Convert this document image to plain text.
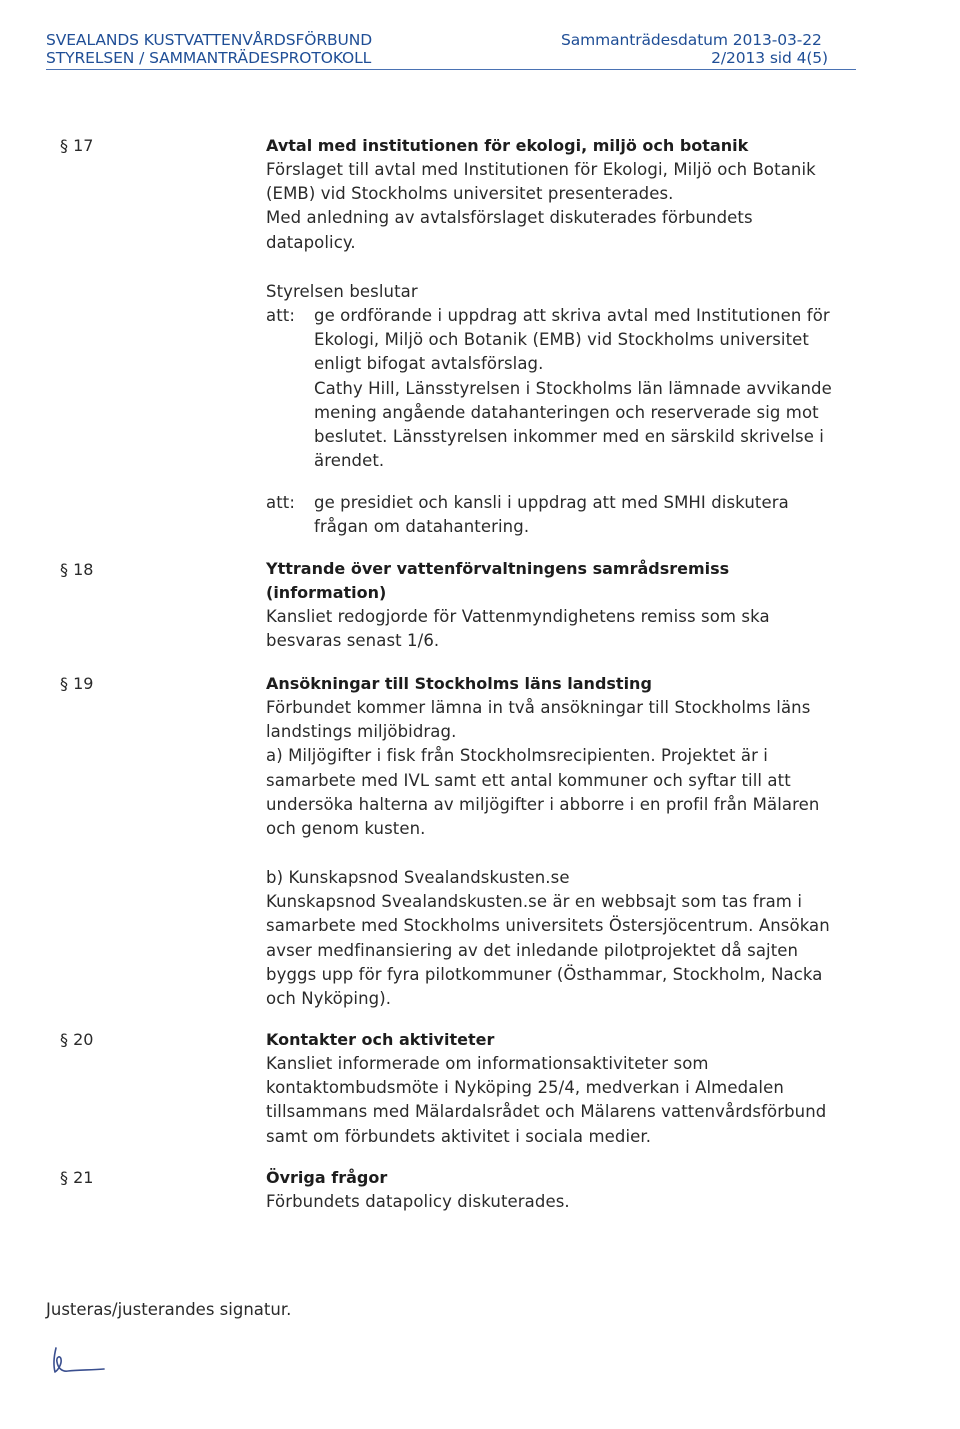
SVEALANDS KUSTVATTENVÅRDSFÖRBUND
STYRELSEN / SAMMANTRÄDESPROTOKOLL
Sammanträdesdatum 2013-03-22
2/2013 sid 4(5)
§ 17	Avtal med institutionen för ekologi, miljö och botanik

Förslaget till avtal med Institutionen för Ekologi, Miljö och Botanik

(EMB) vid Stockholms universitet presenterades.

Med anledning av avtalsförslaget diskuterades förbundets

datapolicy.

Styrelsen beslutar
att: ge ordförande i uppdrag att skriva avtal med Institutionen för

Ekologi, Miljö och Botanik (EMB) vid Stockholms universitet

enligt bifogat avtalsförslag.

Cathy Hill, Länsstyrelsen i Stockholms län lämnade avvikande

mening angående datahanteringen och reserverade sig mot

beslutet. Länsstyrelsen inkommer med en särskild skrivelse i

ärendet.

att: ge presidiet och kansli i uppdrag att med SMHI diskutera

frågan om datahantering.

§ 18	Yttrande över vattenförvaltningens samrådsremiss
(information)

Kansliet redogjorde för Vattenmyndighetens remiss som ska

besvaras senast 1/6.

§ 19	Ansökningar till Stockholms läns landsting

Förbundet kommer lämna in två ansökningar till Stockholms läns

landstings miljöbidrag.

a) Miljögifter i fisk från Stockholmsrecipienten. Projektet är i

samarbete med IVL samt ett antal kommuner och syftar till att

undersöka halterna av miljögifter i abborre i en profil från Mälaren

och genom kusten.

b) Kunskapsnod Svealandskusten.se

Kunskapsnod Svealandskusten.se är en webbsajt som tas fram i

samarbete med Stockholms universitets Östersjöcentrum. Ansökan

avser medfinansiering av det inledande pilotprojektet då sajten

byggs upp för fyra pilotkommuner (Östhammar, Stockholm, Nacka

och Nyköping).

§ 20	Kontakter och aktiviteter

Kansliet informerade om informationsaktiviteter som

kontaktombudsmöte i Nyköping 25/4, medverkan i Almedalen

tillsammans med Mälardalsrådet och Mälarens vattenvårdsförbund

samt om förbundets aktivitet i sociala medier.

§ 21	Övriga frågor

Förbundets datapolicy diskuterades.

Justeras/justerandes signatur.
